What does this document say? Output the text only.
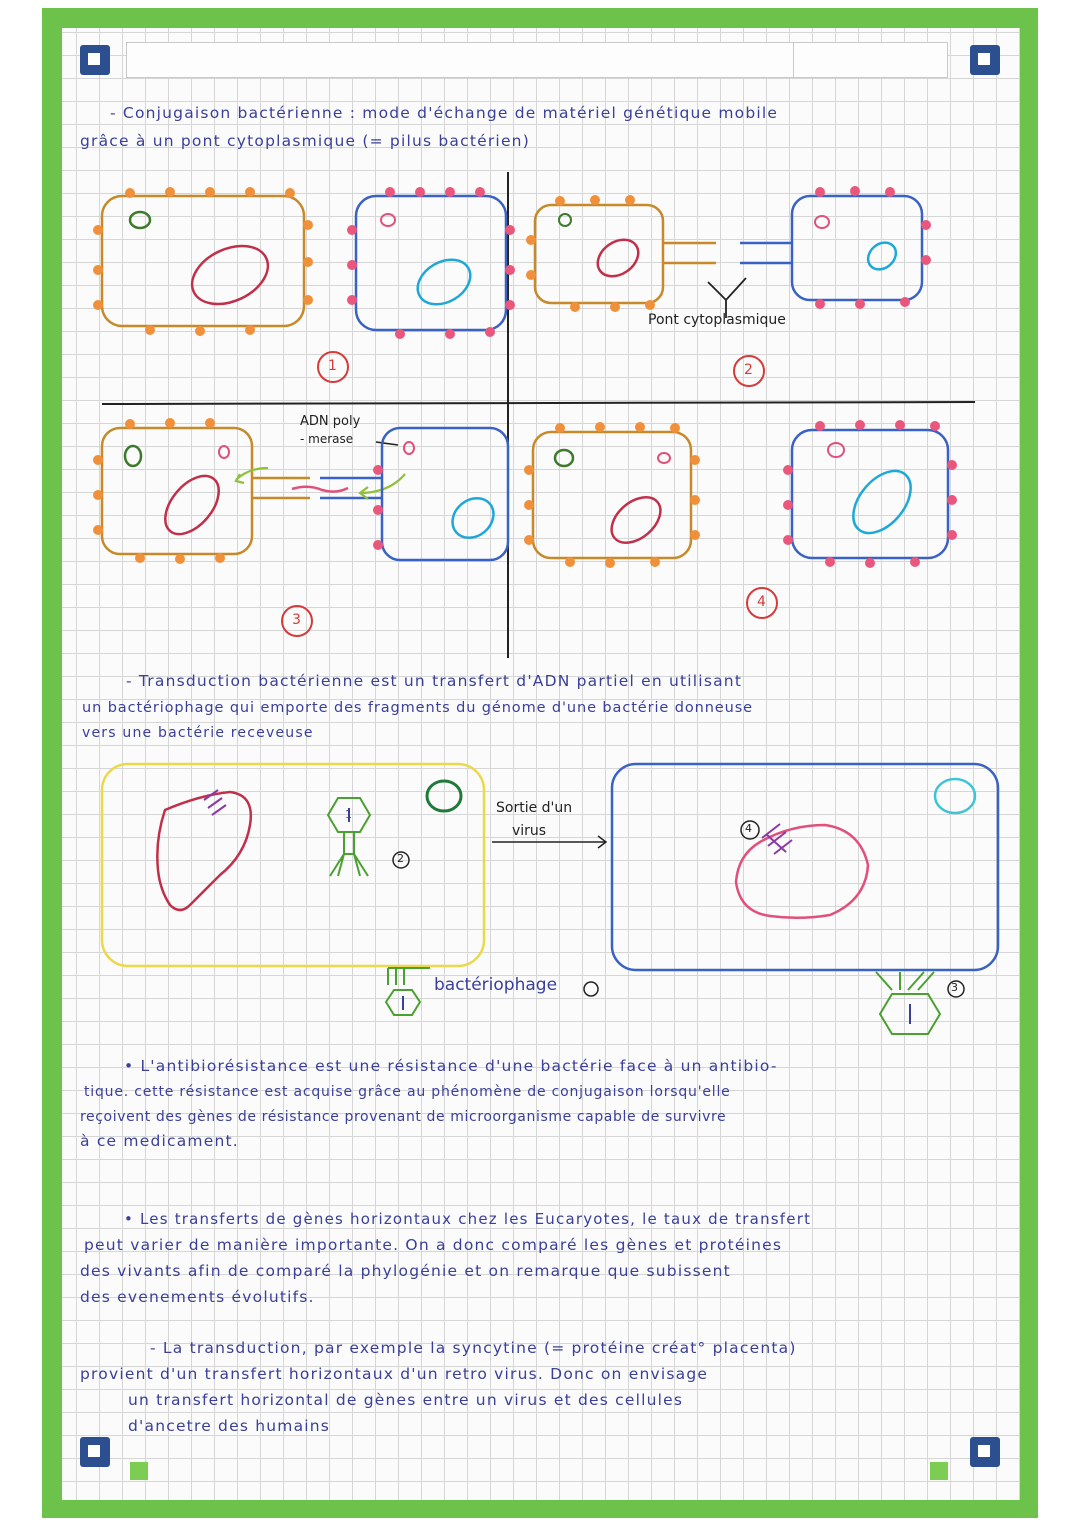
- Conjugaison bactérienne : mode d'échange de matériel génétique mobile
grâce à un pont cytoplasmique (= pilus bactérien)
Pont cytoplasmique
ADN poly
- merase
1	2
3
4
- Transduction bactérienne est un transfert d'ADN partiel en utilisant
un bactériophage qui emporte des fragments du génome d'une bactérie donneuse
vers une bactérie receveuse
Sortie d'un
virus
bactériophage
1
2
3
4
• L'antibiorésistance est une résistance d'une bactérie face à un antibio-
tique. cette résistance est acquise grâce au phénomène de conjugaison lorsqu'elle
reçoivent des gènes de résistance provenant de microorganisme capable de survivre
à ce medicament.
• Les transferts de gènes horizontaux chez les Eucaryotes, le taux de transfert
peut varier de manière importante. On a donc comparé les gènes et protéines
des vivants afin de comparé la phylogénie et on remarque que subissent
des evenements évolutifs.
- La transduction, par exemple la syncytine (= protéine créat° placenta)
provient d'un transfert horizontaux d'un retro virus. Donc on envisage
un transfert horizontal de gènes entre un virus et des cellules
d'ancetre des humains
